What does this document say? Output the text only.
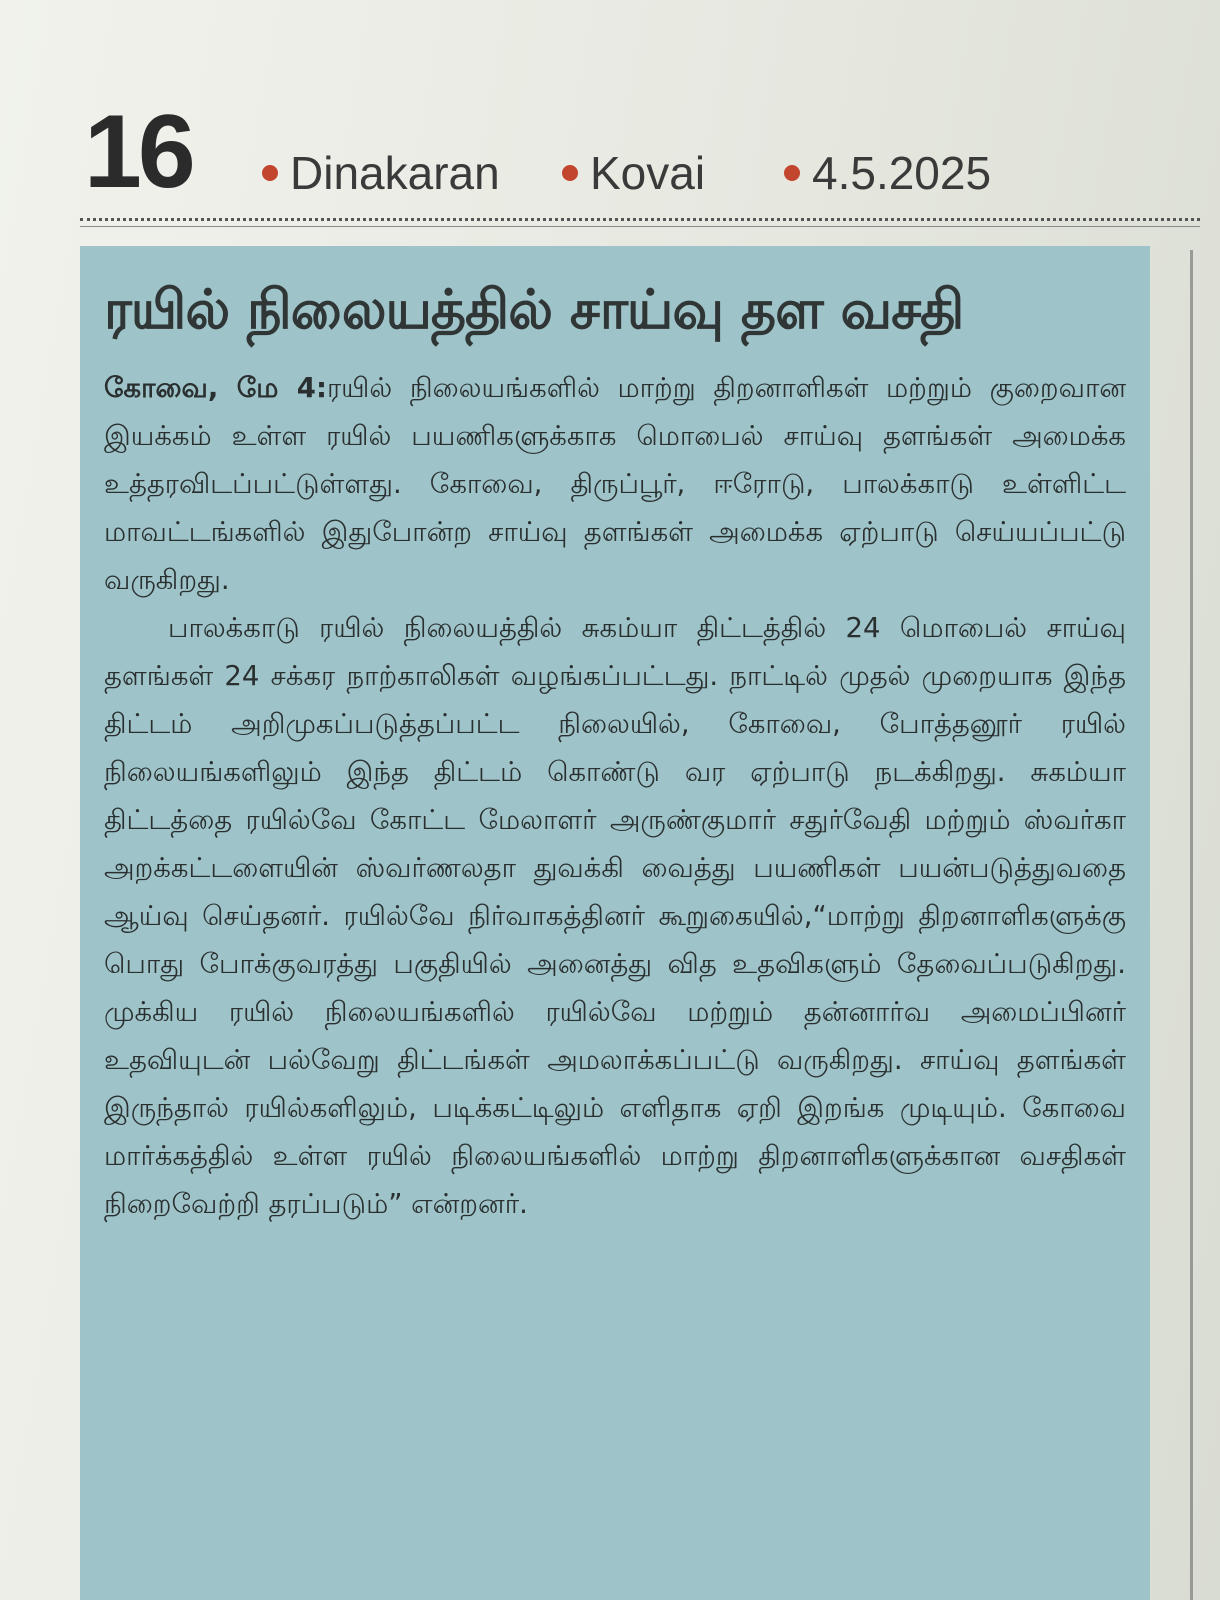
16 Dinakaran Kovai 4.5.2025
ரயில் நிலையத்தில் சாய்வு தள வசதி

கோவை, மே 4:ரயில் நிலையங்களில் மாற்று திறனாளிகள் மற்றும் குறைவான இயக்கம் உள்ள ரயில் பயணிகளுக்காக மொபைல் சாய்வு தளங்கள் அமைக்க உத்தரவிடப்பட்டுள்ளது. கோவை, திருப்பூர், ஈரோடு, பாலக்காடு உள்ளிட்ட மாவட்டங்களில் இதுபோன்ற சாய்வு தளங்கள் அமைக்க ஏற்பாடு செய்யப்பட்டு வருகிறது.

பாலக்காடு ரயில் நிலையத்தில் சுகம்யா திட்டத்தில் 24 மொபைல் சாய்வு தளங்கள் 24 சக்கர நாற்காலிகள் வழங்கப்பட்டது. நாட்டில் முதல் முறையாக இந்த திட்டம் அறிமுகப்படுத்தப்பட்ட நிலையில், கோவை, போத்தனூர் ரயில் நிலையங்களிலும் இந்த திட்டம் கொண்டு வர ஏற்பாடு நடக்கிறது. சுகம்யா திட்டத்தை ரயில்வே கோட்ட மேலாளர் அருண்குமார் சதுர்வேதி மற்றும் ஸ்வர்கா அறக்கட்டளையின் ஸ்வர்ணலதா துவக்கி வைத்து பயணிகள் பயன்படுத்துவதை ஆய்வு செய்தனர். ரயில்வே நிர்வாகத்தினர் கூறுகையில்,“மாற்று திறனாளிகளுக்கு பொது போக்குவரத்து பகுதியில் அனைத்து வித உதவிகளும் தேவைப்படுகிறது. முக்கிய ரயில் நிலையங்களில் ரயில்வே மற்றும் தன்னார்வ அமைப்பினர் உதவியுடன் பல்வேறு திட்டங்கள் அமலாக்கப்பட்டு வருகிறது. சாய்வு தளங்கள் இருந்தால் ரயில்களிலும், படிக்கட்டிலும் எளிதாக ஏறி இறங்க முடியும். கோவை மார்க்கத்தில் உள்ள ரயில் நிலையங்களில் மாற்று திறனாளிகளுக்கான வசதிகள் நிறைவேற்றி தரப்படும்” என்றனர்.
